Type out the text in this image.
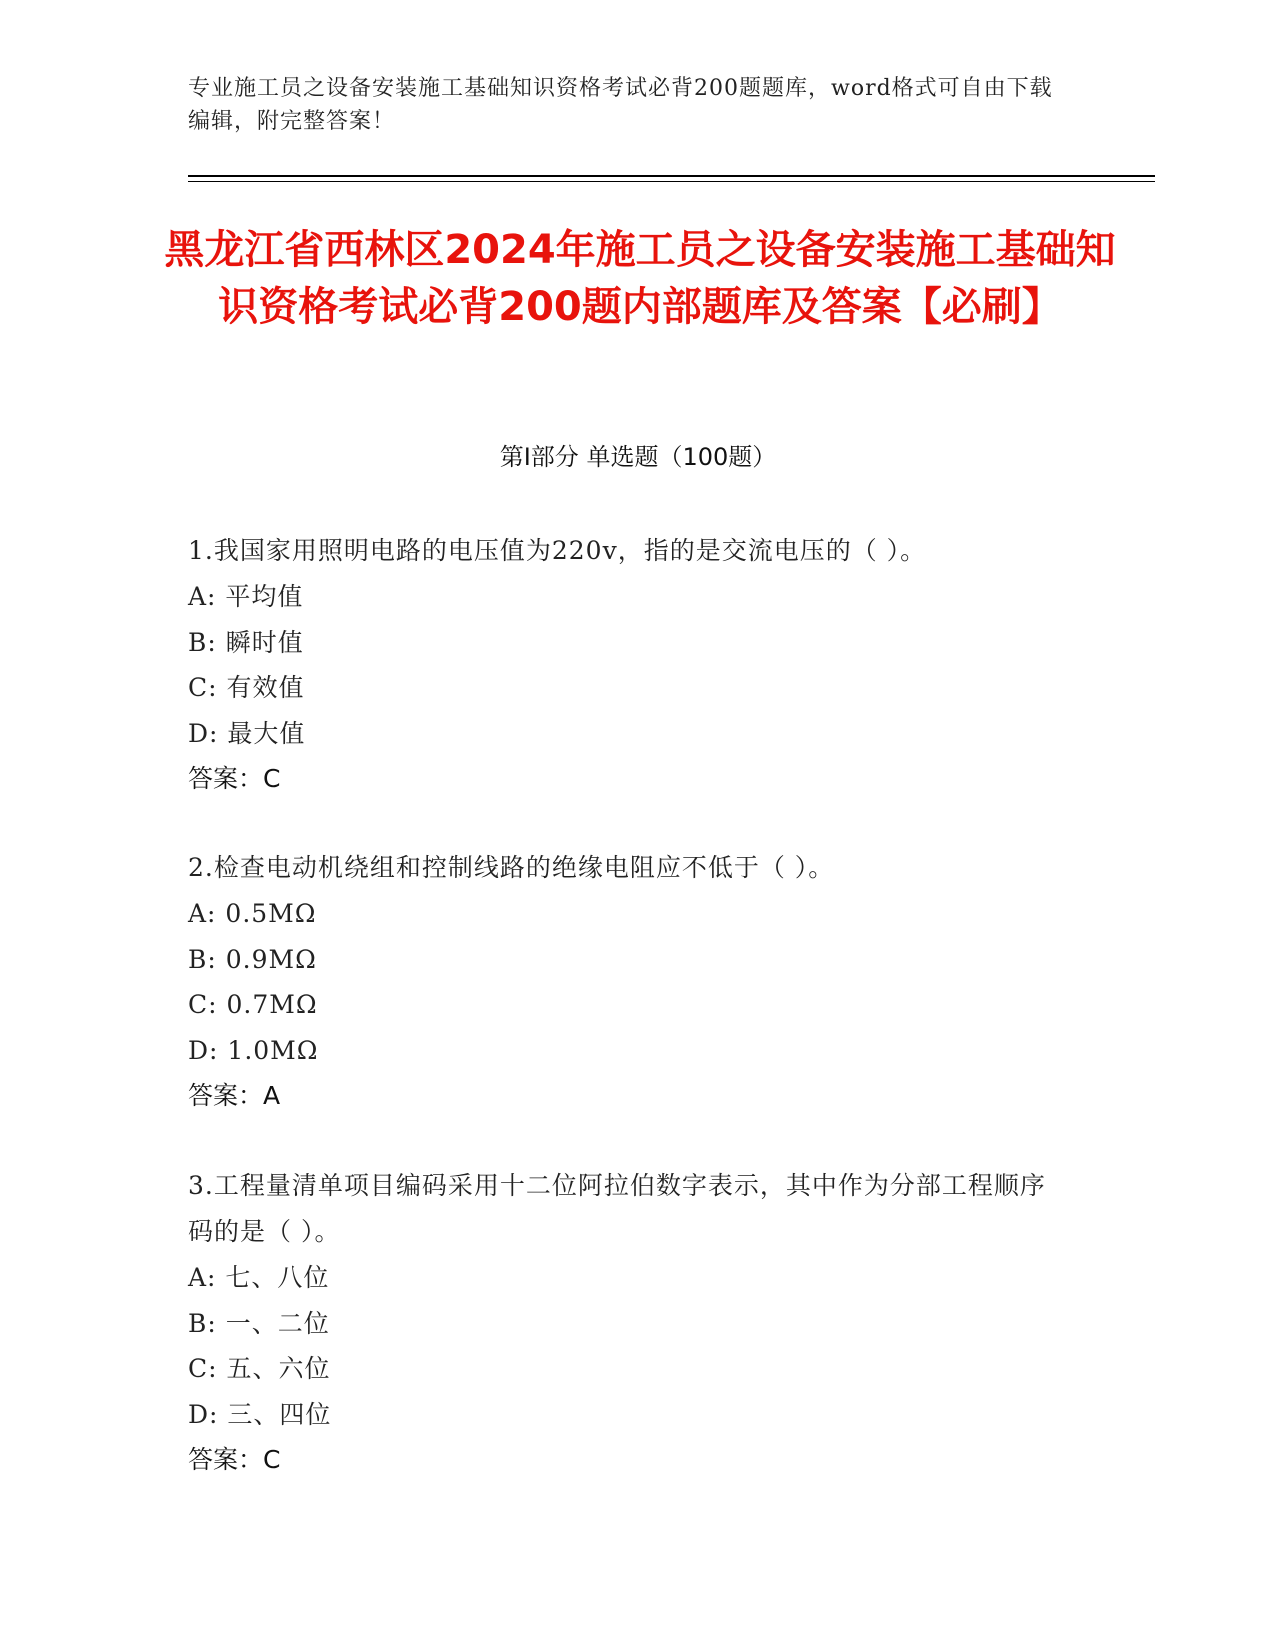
专业施工员之设备安装施工基础知识资格考试必背200题题库，word格式可自由下载编辑，附完整答案！
黑龙江省西林区2024年施工员之设备安装施工基础知识资格考试必背200题内部题库及答案【必刷】
第Ⅰ部分 单选题（100题）
1.我国家用照明电路的电压值为220v，指的是交流电压的（ ）。
A: 平均值
B: 瞬时值
C: 有效值
D: 最大值
答案：C
2.检查电动机绕组和控制线路的绝缘电阻应不低于（ ）。
A: 0.5MΩ
B: 0.9MΩ
C: 0.7MΩ
D: 1.0MΩ
答案：A
3.工程量清单项目编码采用十二位阿拉伯数字表示，其中作为分部工程顺序码的是（ ）。
A: 七、八位
B: 一、二位
C: 五、六位
D: 三、四位
答案：C
